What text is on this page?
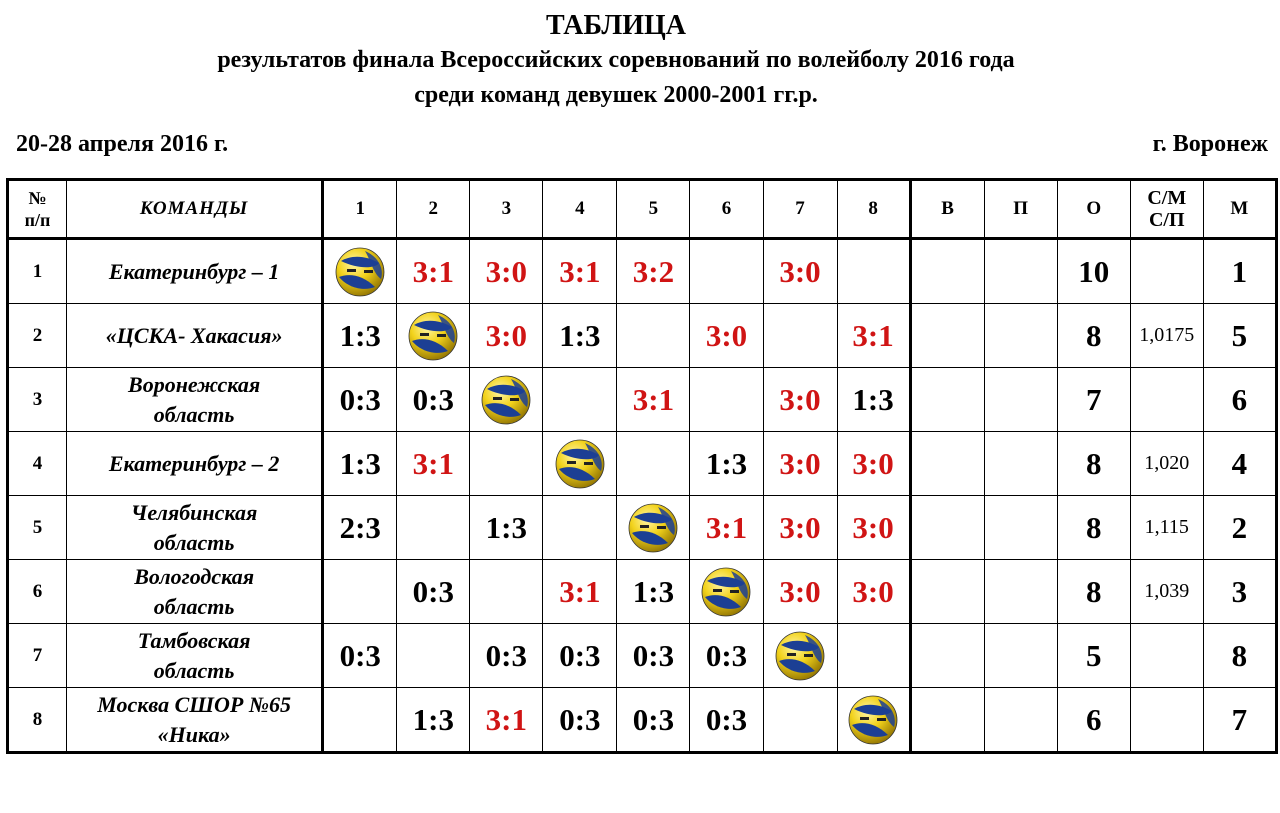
ТАБЛИЦА
результатов финала Всероссийских соревнований по волейболу 2016 года
среди команд девушек 2000-2001 гг.р.
20-28 апреля 2016 г.	г. Воронеж
№
п/п	КОМАНДЫ	1	2	3	4	5	6	7	8	В	П	О	С/М
С/П	М
1	Екатеринбург – 1		3:1	3:0	3:1	3:2		3:0				10		1
2	«ЦСКА- Хакасия»	1:3		3:0	1:3		3:0		3:1			8	1,0175	5
3	Воронежская
область	0:3	0:3			3:1		3:0	1:3			7		6
4	Екатеринбург – 2	1:3	3:1				1:3	3:0	3:0			8	1,020	4
5	Челябинская
область	2:3		1:3			3:1	3:0	3:0			8	1,115	2
6	Вологодская
область		0:3		3:1	1:3		3:0	3:0			8	1,039	3
7	Тамбовская
область	0:3		0:3	0:3	0:3	0:3					5		8
8	Москва СШОР №65
«Ника»		1:3	3:1	0:3	0:3	0:3					6		7
